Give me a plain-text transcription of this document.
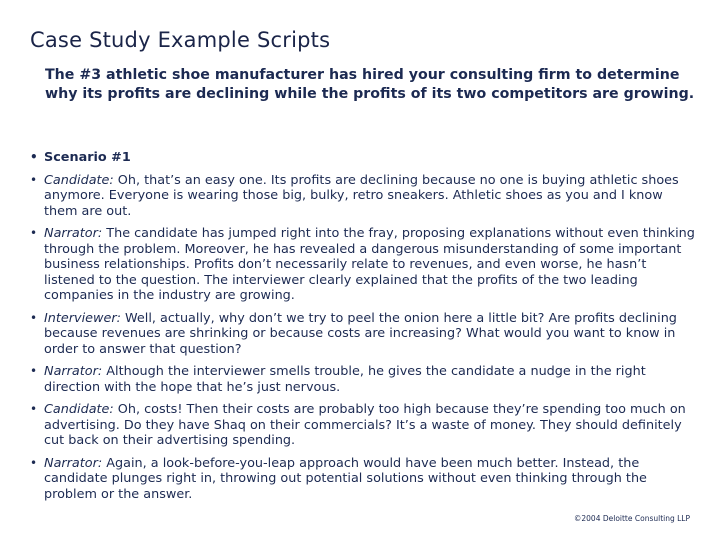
Case Study Example Scripts
The #3 athletic shoe manufacturer has hired your consulting firm to determine why its profits are declining while the profits of its two competitors are growing.
• Scenario #1
• Candidate: Oh, that’s an easy one. Its profits are declining because no one is buying athletic shoes anymore. Everyone is wearing those big, bulky, retro sneakers. Athletic shoes as you and I know them are out.
• Narrator: The candidate has jumped right into the fray, proposing explanations without even thinking through the problem. Moreover, he has revealed a dangerous misunderstanding of some important business relationships. Profits don’t necessarily relate to revenues, and even worse, he hasn’t listened to the question. The interviewer clearly explained that the profits of the two leading companies in the industry are growing.
• Interviewer: Well, actually, why don’t we try to peel the onion here a little bit? Are profits declining because revenues are shrinking or because costs are increasing? What would you want to know in order to answer that question?
• Narrator: Although the interviewer smells trouble, he gives the candidate a nudge in the right direction with the hope that he’s just nervous.
• Candidate: Oh, costs! Then their costs are probably too high because they’re spending too much on advertising. Do they have Shaq on their commercials? It’s a waste of money. They should definitely cut back on their advertising spending.
• Narrator: Again, a look-before-you-leap approach would have been much better. Instead, the candidate plunges right in, throwing out potential solutions without even thinking through the problem or the answer.
©2004 Deloitte Consulting LLP
